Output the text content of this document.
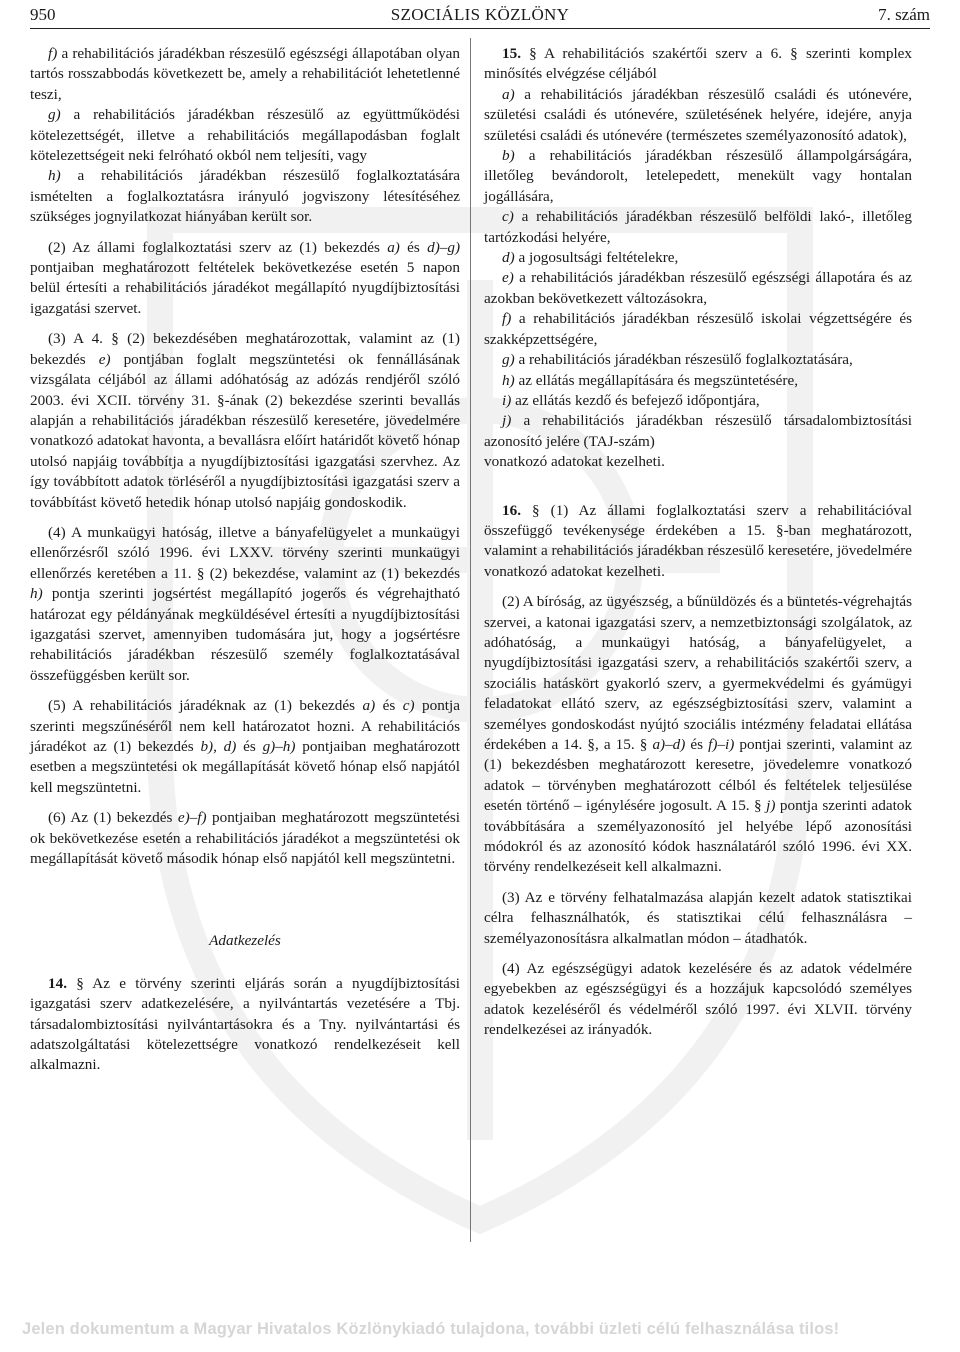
950	SZOCIÁLIS KÖZLÖNY	7. szám

f) a rehabilitációs járadékban részesülő egészségi állapotában olyan tartós rosszabbodás következett be, amely a rehabilitációt lehetetlenné teszi,

g) a rehabilitációs járadékban részesülő az együttműködési kötelezettségét, illetve a rehabilitációs megállapodásban foglalt kötelezettségeit neki felróható okból nem teljesíti, vagy

h) a rehabilitációs járadékban részesülő foglalkoztatására ismételten a foglalkoztatásra irányuló jogviszony létesítéséhez szükséges jognyilatkozat hiányában került sor.

(2) Az állami foglalkoztatási szerv az (1) bekezdés a) és d)–g) pontjaiban meghatározott feltételek bekövetkezése esetén 5 napon belül értesíti a rehabilitációs járadékot megállapító nyugdíjbiztosítási igazgatási szervet.

(3) A 4. § (2) bekezdésében meghatározottak, valamint az (1) bekezdés e) pontjában foglalt megszüntetési ok fennállásának vizsgálata céljából az állami adóhatóság az adózás rendjéről szóló 2003. évi XCII. törvény 31. §-ának (2) bekezdése szerinti bevallás alapján a rehabilitációs járadékban részesülő keresetére, jövedelmére vonatkozó adatokat havonta, a bevallásra előírt határidőt követő hónap utolsó napjáig továbbítja a nyugdíjbiztosítási igazgatási szervhez. Az így továbbított adatok törléséről a nyugdíjbiztosítási igazgatási szerv a továbbítást követő hetedik hónap utolsó napjáig gondoskodik.

(4) A munkaügyi hatóság, illetve a bányafelügyelet a munkaügyi ellenőrzésről szóló 1996. évi LXXV. törvény szerinti munkaügyi ellenőrzés keretében a 11. § (2) bekezdése, valamint az (1) bekezdés h) pontja szerinti jogsértést megállapító jogerős és végrehajtható határozat egy példányának megküldésével értesíti a nyugdíjbiztosítási igazgatási szervet, amennyiben tudomására jut, hogy a jogsértésre rehabilitációs járadékban részesülő személy foglalkoztatásával összefüggésben került sor.

(5) A rehabilitációs járadéknak az (1) bekezdés a) és c) pontja szerinti megszűnéséről nem kell határozatot hozni. A rehabilitációs járadékot az (1) bekezdés b), d) és g)–h) pontjaiban meghatározott esetben a megszüntetési ok megállapítását követő hónap első napjától kell megszüntetni.

(6) Az (1) bekezdés e)–f) pontjaiban meghatározott megszüntetési ok bekövetkezése esetén a rehabilitációs járadékot a megszüntetési ok megállapítását követő második hónap első napjától kell megszüntetni.

Adatkezelés

14. § Az e törvény szerinti eljárás során a nyugdíjbiztosítási igazgatási szerv adatkezelésére, a nyilvántartás vezetésére a Tbj. társadalombiztosítási nyilvántartásokra és a Tny. nyilvántartási és adatszolgáltatási kötelezettségre vonatkozó rendelkezéseit kell alkalmazni.

15. § A rehabilitációs szakértői szerv a 6. § szerinti komplex minősítés elvégzése céljából

a) a rehabilitációs járadékban részesülő családi és utónevére, születési családi és utónevére, születésének helyére, idejére, anyja születési családi és utónevére (természetes személyazonosító adatok),

b) a rehabilitációs járadékban részesülő állampolgárságára, illetőleg bevándorolt, letelepedett, menekült vagy hontalan jogállására,

c) a rehabilitációs járadékban részesülő belföldi lakó-, illetőleg tartózkodási helyére,

d) a jogosultsági feltételekre,

e) a rehabilitációs járadékban részesülő egészségi állapotára és az azokban bekövetkezett változásokra,

f) a rehabilitációs járadékban részesülő iskolai végzettségére és szakképzettségére,

g) a rehabilitációs járadékban részesülő foglalkoztatására,

h) az ellátás megállapítására és megszüntetésére,

i) az ellátás kezdő és befejező időpontjára,

j) a rehabilitációs járadékban részesülő társadalombiztosítási azonosító jelére (TAJ-szám)

vonatkozó adatokat kezelheti.

16. § (1) Az állami foglalkoztatási szerv a rehabilitációval összefüggő tevékenysége érdekében a 15. §-ban meghatározott, valamint a rehabilitációs járadékban részesülő keresetére, jövedelmére vonatkozó adatokat kezelheti.

(2) A bíróság, az ügyészség, a bűnüldözés és a büntetés-végrehajtás szervei, a katonai igazgatási szerv, a nemzetbiztonsági szolgálatok, az adóhatóság, a munkaügyi hatóság, a bányafelügyelet, a nyugdíjbiztosítási igazgatási szerv, a rehabilitációs szakértői szerv, a szociális hatáskört gyakorló szerv, a gyermekvédelmi és gyámügyi feladatokat ellátó szerv, az egészségbiztosítási szerv, valamint a személyes gondoskodást nyújtó szociális intézmény feladatai ellátása érdekében a 14. §, a 15. § a)–d) és f)–i) pontjai szerinti, valamint az (1) bekezdésben meghatározott keresetre, jövedelemre vonatkozó adatok – törvényben meghatározott célból és feltételek teljesülése esetén történő – igénylésére jogosult. A 15. § j) pontja szerinti adatok továbbítására a személyazonosító jel helyébe lépő azonosítási módokról és az azonosító kódok használatáról szóló 1996. évi XX. törvény rendelkezéseit kell alkalmazni.

(3) Az e törvény felhatalmazása alapján kezelt adatok statisztikai célra felhasználhatók, és statisztikai célú felhasználásra – személyazonosításra alkalmatlan módon – átadhatók.

(4) Az egészségügyi adatok kezelésére és az adatok védelmére egyebekben az egészségügyi és a hozzájuk kapcsolódó személyes adatok kezeléséről és védelméről szóló 1997. évi XLVII. törvény rendelkezései az irányadók.

Jelen dokumentum a Magyar Hivatalos Közlönykiadó tulajdona, további üzleti célú felhasználása tilos!
